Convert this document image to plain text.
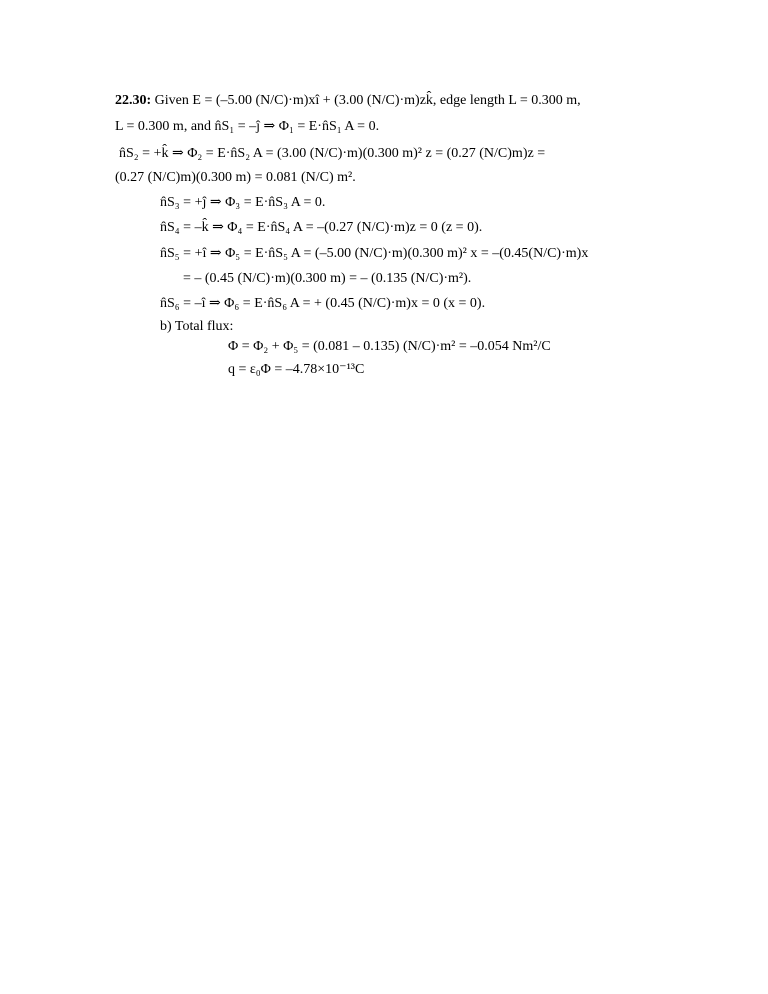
22.30: Given E = (–5.00 (N/C)·m)xî + (3.00 (N/C)·m)zk̂, edge length L = 0.300 m,
L = 0.300 m, and n̂S₁ = –ĵ ⇒ Φ₁ = E·n̂S₁ A = 0.
n̂S₂ = +k̂ ⇒ Φ₂ = E·n̂S₂ A = (3.00 (N/C)·m)(0.300 m)² z = (0.27 (N/C)m)z =
(0.27 (N/C)m)(0.300 m) = 0.081 (N/C) m².
n̂S₃ = +ĵ ⇒ Φ₃ = E·n̂S₃ A = 0.
n̂S₄ = –k̂ ⇒ Φ₄ = E·n̂S₄ A = –(0.27 (N/C)·m)z = 0 (z = 0).
n̂S₅ = +î ⇒ Φ₅ = E·n̂S₅ A = (–5.00 (N/C)·m)(0.300 m)² x = –(0.45(N/C)·m)x
= – (0.45 (N/C)·m)(0.300 m) = – (0.135 (N/C)·m²).
n̂S₆ = –î ⇒ Φ₆ = E·n̂S₆ A = + (0.45 (N/C)·m)x = 0 (x = 0).
b) Total flux:
Φ = Φ₂ + Φ₅ = (0.081 – 0.135) (N/C)·m² = –0.054 Nm²/C
q = ε₀Φ = –4.78×10⁻¹³C
